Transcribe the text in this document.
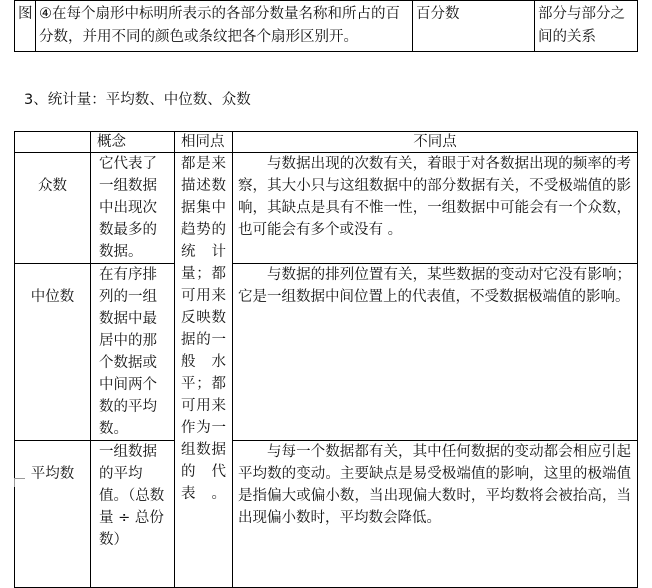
图	④在每个扇形中标明所表示的各部分数量名称和所占的百分数，并用不同的颜色或条纹把各个扇形区别开。	百分数	部分与部分之间的关系
3、统计量：平均数、中位数、众数
	概念	相同点	不同点
众数	它代表了一组数据中出现次数最多的数据。	都是来描述数据集中趋势的统计量；都可用来反映数据的一般水平；都可用来作为一组数据的代表。	与数据出现的次数有关，着眼于对各数据出现的频率的考察，其大小只与这组数据中的部分数据有关，不受极端值的影响，其缺点是具有不惟一性，一组数据中可能会有一个众数，也可能会有多个或没有 。
中位数	在有序排列的一组数据中最居中的那个数据或中间两个数的平均数。		与数据的排列位置有关，某些数据的变动对它没有影响；它是一组数据中间位置上的代表值，不受数据极端值的影响。
平均数	一组数据的平均值。（总数量 ÷ 总份数）		与每一个数据都有关，其中任何数据的变动都会相应引起平均数的变动。主要缺点是易受极端值的影响，这里的极端值是指偏大或偏小数，当出现偏大数时，平均数将会被抬高，当出现偏小数时，平均数会降低。
